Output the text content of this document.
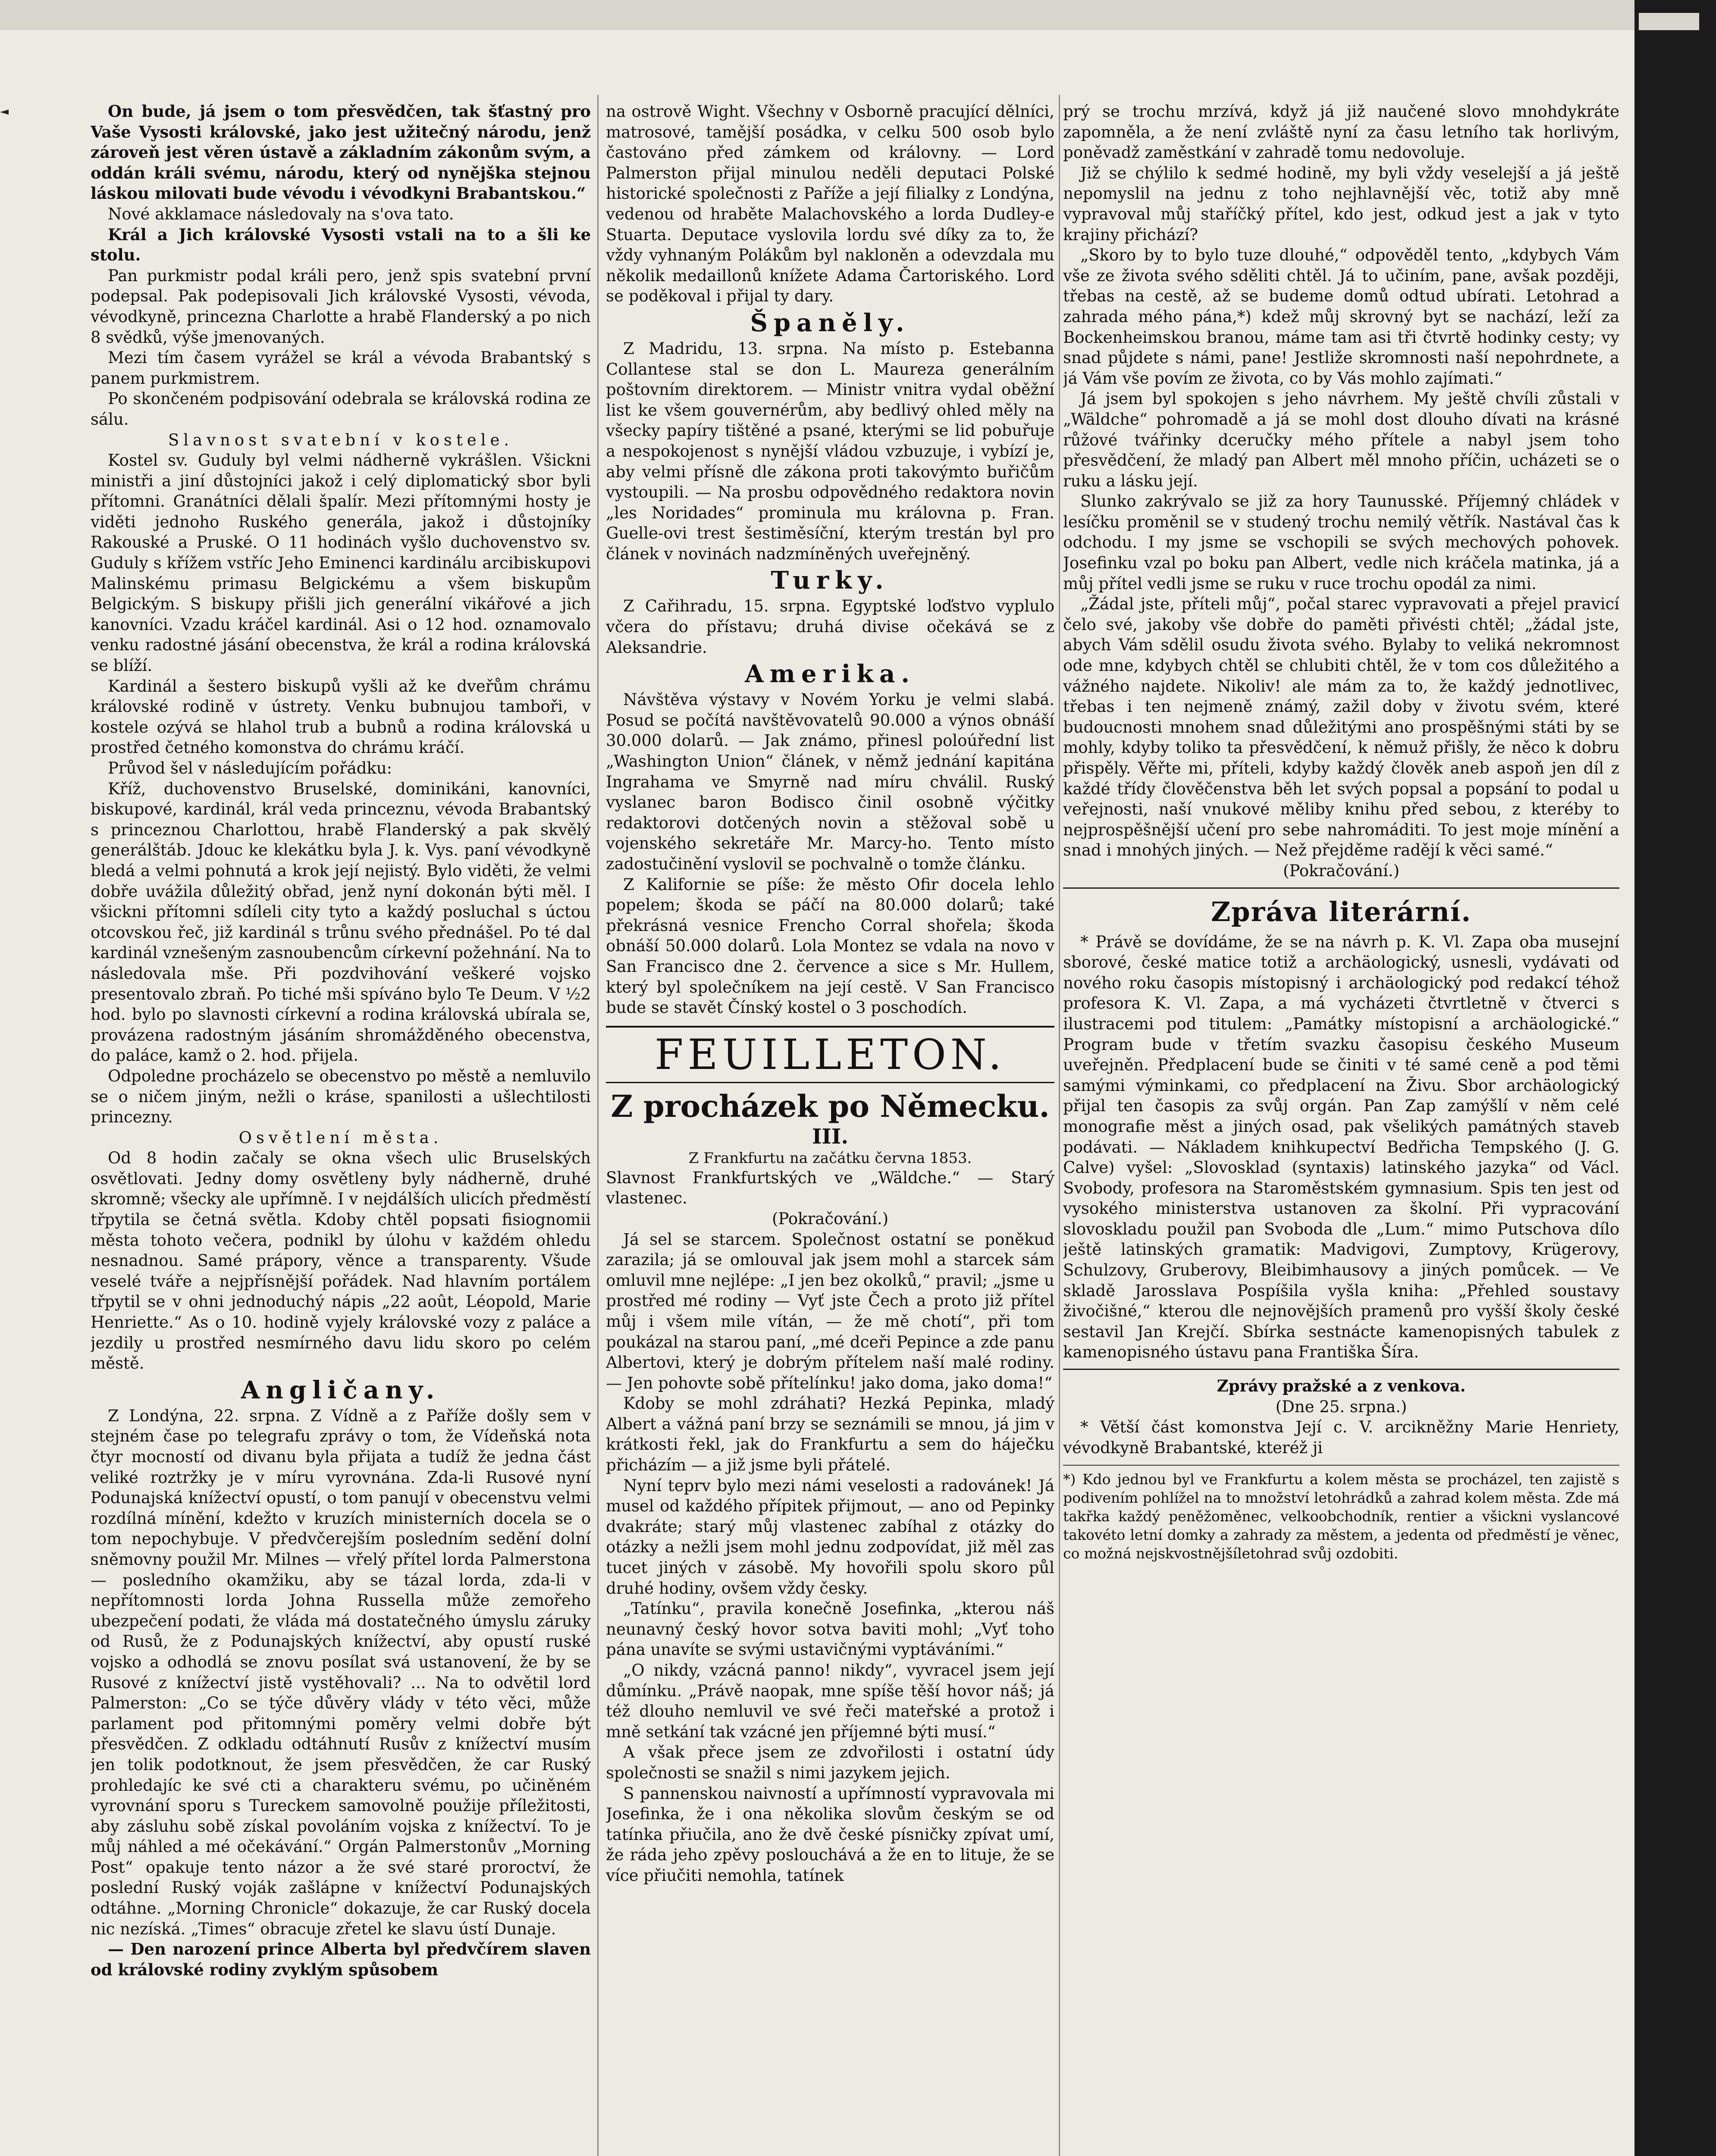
On bude, já jsem o tom přesvědčen, tak šťastný pro Vaše Vysosti královské, jako jest užitečný národu, jenž zároveň jest věren ústavě a základním zákonům svým, a oddán králi svému, národu, který od nynějška stejnou láskou milovati bude vévodu i vévodkyni Brabantskou.“

Nové akklamace následovaly na s'ova tato.

Král a Jich královské Vysosti vstali na to a šli ke stolu.

Pan purkmistr podal králi pero, jenž spis svatební první podepsal. Pak podepisovali Jich královské Vysosti, vévoda, vévodkyně, princezna Charlotte a hrabě Flanderský a po nich 8 svědků, výše jmenovaných.

Mezi tím časem vyrážel se král a vévoda Brabantský s panem purkmistrem.

Po skončeném podpisování odebrala se královská rodina ze sálu.

Slavnost svatební v kostele.

Kostel sv. Guduly byl velmi nádherně vykrášlen. Všickni ministři a jiní důstojníci jakož i celý diplomatický sbor byli přítomni. Granátníci dělali špalír. Mezi přítomnými hosty je viděti jednoho Ruského generála, jakož i důstojníky Rakouské a Pruské. O 11 hodinách vyšlo duchovenstvo sv. Guduly s křížem vstříc Jeho Eminenci kardinálu arcibiskupovi Malinskému primasu Belgickému a všem biskupům Belgickým. S biskupy přišli jich generální vikářové a jich kanovníci. Vzadu kráčel kardinál. Asi o 12 hod. oznamovalo venku radostné jásání obecenstva, že král a rodina královská se blíží.

Kardinál a šestero biskupů vyšli až ke dveřům chrámu královské rodině v ústrety. Venku bubnujou tamboři, v kostele ozývá se hlahol trub a bubnů a rodina královská u prostřed četného komonstva do chrámu kráčí.

Průvod šel v následujícím pořádku:

Kříž, duchovenstvo Bruselské, dominikáni, kanovníci, biskupové, kardinál, král veda princeznu, vévoda Brabantský s princeznou Charlottou, hrabě Flanderský a pak skvělý generálštáb. Jdouc ke klekátku byla J. k. Vys. paní vévodkyně bledá a velmi pohnutá a krok její nejistý. Bylo viděti, že velmi dobře uvážila důležitý obřad, jenž nyní dokonán býti měl. I všickni přítomni sdíleli city tyto a každý posluchal s úctou otcovskou řeč, již kardinál s trůnu svého přednášel. Po té dal kardinál vznešeným zasnoubencům církevní požehnání. Na to následovala mše. Při pozdvihování veškeré vojsko presentovalo zbraň. Po tiché mši spíváno bylo Te Deum. V ½2 hod. bylo po slavnosti církevní a rodina královská ubírala se, provázena radostným jásáním shromážděného obecenstva, do paláce, kamž o 2. hod. přijela.

Odpoledne procházelo se obecenstvo po městě a nemluvilo se o ničem jiným, nežli o kráse, spanilosti a ušlechtilosti princezny.

Osvětlení města.

Od 8 hodin začaly se okna všech ulic Bruselských osvětlovati. Jedny domy osvětleny byly nádherně, druhé skromně; všecky ale upřímně. I v nejdálších ulicích předměstí třpytila se četná světla. Kdoby chtěl popsati fisiognomii města tohoto večera, podnikl by úlohu v každém ohledu nesnadnou. Samé prápory, věnce a transparenty. Všude veselé tváře a nejpřísnější pořádek. Nad hlavním portálem třpytil se v ohni jednoduchý nápis „22 août, Léopold, Marie Henriette.“ As o 10. hodině vyjely královské vozy z paláce a jezdily u prostřed nesmírného davu lidu skoro po celém městě.

Angličany.

Z Londýna, 22. srpna. Z Vídně a z Paříže došly sem v stejném čase po telegrafu zprávy o tom, že Vídeňská nota čtyr mocností od divanu byla přijata a tudíž že jedna část veliké roztržky je v míru vyrovnána. Zda-li Rusové nyní Podunajská knížectví opustí, o tom panují v obecenstvu velmi rozdílná mínění, kdežto v kruzích ministerních docela se o tom nepochybuje. V předvčerejším posledním sedění dolní sněmovny použil Mr. Milnes — vřelý přítel lorda Palmerstona — posledního okamžiku, aby se tázal lorda, zda-li v nepřítomnosti lorda Johna Russella může zemořeho ubezpečení podati, že vláda má dostatečného úmyslu záruky od Rusů, že z Podunajských knížectví, aby opustí ruské vojsko a odhodlá se znovu posílat svá ustanovení, že by se Rusové z knížectví jistě vystěhovali? ... Na to odvětil lord Palmerston: „Co se týče důvěry vlády v této věci, může parlament pod přitomnými poměry velmi dobře být přesvědčen. Z odkladu odtáhnutí Rusův z knížectví musím jen tolik podotknout, že jsem přesvědčen, že car Ruský prohledajíc ke své cti a charakteru svému, po učiněném vyrovnání sporu s Tureckem samovolně použije příležitosti, aby zásluhu sobě získal povoláním vojska z knížectví. To je můj náhled a mé očekávání.“ Orgán Palmerstonův „Morning Post“ opakuje tento názor a že své staré proroctví, že poslední Ruský voják zašlápne v knížectví Podunajských odtáhne. „Morning Chronicle“ dokazuje, že car Ruský docela nic nezíská. „Times“ obracuje zřetel ke slavu ústí Dunaje.

— Den narození prince Alberta byl předvčírem slaven od královské rodiny zvyklým spůsobem

na ostrově Wight. Všechny v Osborně pracující dělníci, matrosové, tamější posádka, v celku 500 osob bylo častováno před zámkem od královny. — Lord Palmerston přijal minulou neděli deputaci Polské historické společnosti z Paříže a její filialky z Londýna, vedenou od hraběte Malachovského a lorda Dudley-e Stuarta. Deputace vyslovila lordu své díky za to, že vždy vyhnaným Polákům byl nakloněn a odevzdala mu několik medaillonů knížete Adama Čartoriského. Lord se poděkoval i přijal ty dary.

Španěly.

Z Madridu, 13. srpna. Na místo p. Estebanna Collantese stal se don L. Maureza generálním poštovním direktorem. — Ministr vnitra vydal oběžní list ke všem gouvernérům, aby bedlivý ohled měly na všecky papíry tištěné a psané, kterými se lid pobuřuje a nespokojenost s nynější vládou vzbuzuje, i vybízí je, aby velmi přísně dle zákona proti takovýmto buřičům vystoupili. — Na prosbu odpovědného redaktora novin „les Noridades“ prominula mu královna p. Fran. Guelle-ovi trest šestiměsíční, kterým trestán byl pro článek v novinách nadzmíněných uveřejněný.

Turky.

Z Cařihradu, 15. srpna. Egyptské loďstvo vyplulo včera do přístavu; druhá divise očekává se z Aleksandrie.

Amerika.

Návštěva výstavy v Novém Yorku je velmi slabá. Posud se počítá navštěvovatelů 90.000 a výnos obnáší 30.000 dolarů. — Jak známo, přinesl poloúřední list „Washington Union“ článek, v němž jednání kapitána Ingrahama ve Smyrně nad míru chválil. Ruský vyslanec baron Bodisco činil osobně výčitky redaktorovi dotčených novin a stěžoval sobě u vojenského sekretáře Mr. Marcy-ho. Tento místo zadostučinění vyslovil se pochvalně o tomže článku.

Z Kalifornie se píše: že město Ofir docela lehlo popelem; škoda se páčí na 80.000 dolarů; také překrásná vesnice Frencho Corral shořela; škoda obnáší 50.000 dolarů. Lola Montez se vdala na novo v San Francisco dne 2. července a sice s Mr. Hullem, který byl společníkem na její cestě. V San Francisco bude se stavět Čínský kostel o 3 poschodích.

FEUILLETON.
Z procházek po Německu.
III.

Z Frankfurtu na začátku června 1853.

Slavnost Frankfurtských ve „Wäldche.“ — Starý vlastenec.

(Pokračování.)

Já sel se starcem. Společnost ostatní se poněkud zarazila; já se omlouval jak jsem mohl a starcek sám omluvil mne nejlépe: „I jen bez okolků,“ pravil; „jsme u prostřed mé rodiny — Vyť jste Čech a proto již přítel můj i všem mile vítán, — že mě chotí“, při tom poukázal na starou paní, „mé dceři Pepince a zde panu Albertovi, který je dobrým přítelem naší malé rodiny. — Jen pohovte sobě přítelínku! jako doma, jako doma!“

Kdoby se mohl zdráhati? Hezká Pepinka, mladý Albert a vážná paní brzy se seznámili se mnou, já jim v krátkosti řekl, jak do Frankfurtu a sem do háječku přicházím — a již jsme byli přátelé.

Nyní teprv bylo mezi námi veselosti a radovánek! Já musel od každého přípitek přijmout, — ano od Pepinky dvakráte; starý můj vlastenec zabíhal z otázky do otázky a nežli jsem mohl jednu zodpovídat, již měl zas tucet jiných v zásobě. My hovořili spolu skoro půl druhé hodiny, ovšem vždy česky.

„Tatínku“, pravila konečně Josefinka, „kterou náš neunavný český hovor sotva baviti mohl; „Vyť toho pána unavíte se svými ustavičnými vyptáváními.“

„O nikdy, vzácná panno! nikdy“, vyvracel jsem její důmínku. „Právě naopak, mne spíše těší hovor náš; já též dlouho nemluvil ve své řeči mateřské a protož i mně setkání tak vzácné jen příjemné býti musí.“

A však přece jsem ze zdvořilosti i ostatní údy společnosti se snažil s nimi jazykem jejich.

S pannenskou naivností a upřímností vypravovala mi Josefinka, že i ona několika slovům českým se od tatínka přiučila, ano že dvě české písničky zpívat umí, že ráda jeho zpěvy poslouchává a že en to lituje, že se více přiučiti nemohla, tatínek

prý se trochu mrzívá, když já již naučené slovo mnohdykráte zapomněla, a že není zvláště nyní za času letního tak horlivým, poněvadž zaměstkání v zahradě tomu nedovoluje.

Již se chýlilo k sedmé hodině, my byli vždy veselejší a já ještě nepomyslil na jednu z toho nejhlavnější věc, totiž aby mně vypravoval můj staříčký přítel, kdo jest, odkud jest a jak v tyto krajiny přichází?

„Skoro by to bylo tuze dlouhé,“ odpověděl tento, „kdybych Vám vše ze života svého sděliti chtěl. Já to učiním, pane, avšak později, třebas na cestě, až se budeme domů odtud ubírati. Letohrad a zahrada mého pána,*) kdež můj skrovný byt se nachází, leží za Bockenheimskou branou, máme tam asi tři čtvrtě hodinky cesty; vy snad půjdete s námi, pane! Jestliže skromnosti naší nepohrdnete, a já Vám vše povím ze života, co by Vás mohlo zajímati.“

Já jsem byl spokojen s jeho návrhem. My ještě chvíli zůstali v „Wäldche“ pohromadě a já se mohl dost dlouho dívati na krásné růžové tvářinky dceručky mého přítele a nabyl jsem toho přesvědčení, že mladý pan Albert měl mnoho příčin, ucházeti se o ruku a lásku její.

Slunko zakrývalo se již za hory Taunusské. Příjemný chládek v lesíčku proměnil se v studený trochu nemilý větřík. Nastával čas k odchodu. I my jsme se vschopili se svých mechových pohovek. Josefinku vzal po boku pan Albert, vedle nich kráčela matinka, já a můj přítel vedli jsme se ruku v ruce trochu opodál za nimi.

„Žádal jste, příteli můj“, počal starec vypravovati a přejel pravicí čelo své, jakoby vše dobře do paměti přivésti chtěl; „žádal jste, abych Vám sdělil osudu života svého. Bylaby to veliká nekromnost ode mne, kdybych chtěl se chlubiti chtěl, že v tom cos důležitého a vážného najdete. Nikoliv! ale mám za to, že každý jednotlivec, třebas i ten nejmeně známý, zažil doby v životu svém, které budoucnosti mnohem snad důležitými ano prospěšnými státi by se mohly, kdyby toliko ta přesvědčení, k němuž přišly, že něco k dobru přispěly. Věřte mi, příteli, kdyby každý člověk aneb aspoň jen díl z každé třídy člověčenstva běh let svých popsal a popsání to podal u veřejnosti, naší vnukové měliby knihu před sebou, z kteréby to nejprospěšnější učení pro sebe nahromáditi. To jest moje mínění a snad i mnohých jiných. — Než přejděme radějí k věci samé.“

(Pokračování.)

Zpráva literární.

* Právě se dovídáme, že se na návrh p. K. Vl. Zapa oba musejní sborové, české matice totiž a archäologický, usnesli, vydávati od nového roku časopis místopisný i archäologický pod redakcí téhož profesora K. Vl. Zapa, a má vycházeti čtvrtletně v čtverci s ilustracemi pod titulem: „Památky místopisní a archäologické.“ Program bude v třetím svazku časopisu českého Museum uveřejněn. Předplacení bude se činiti v té samé ceně a pod těmi samými výminkami, co předplacení na Živu. Sbor archäologický přijal ten časopis za svůj orgán. Pan Zap zamýšlí v něm celé monografie měst a jiných osad, pak všelikých památných staveb podávati. — Nákladem knihkupectví Bedřicha Tempského (J. G. Calve) vyšel: „Slovosklad (syntaxis) latinského jazyka“ od Václ. Svobody, profesora na Staroměstském gymnasium. Spis ten jest od vysokého ministerstva ustanoven za školní. Při vypracování slovoskladu použil pan Svoboda dle „Lum.“ mimo Putschova dílo ještě latinských gramatik: Madvigovi, Zumptovy, Krügerovy, Schulzovy, Gruberovy, Bleibimhausovy a jiných pomůcek. — Ve skladě Jarosslava Pospíšila vyšla kniha: „Přehled soustavy živočišné,“ kterou dle nejnovějších pramenů pro vyšší školy české sestavil Jan Krejčí. Sbírka sestnácte kamenopisných tabulek z kamenopisného ústavu pana Františka Šíra.

Zprávy pražské a z venkova.

(Dne 25. srpna.)

* Větší část komonstva Její c. V. arcikněžny Marie Henriety, vévodkyně Brabantské, kteréž ji

*) Kdo jednou byl ve Frankfurtu a kolem města se procházel, ten zajistě s podivením pohlížel na to množství letohrádků a zahrad kolem města. Zde má takřka každý peněžoměnec, velkoobchodník, rentier a všickni vyslancové takovéto letní domky a zahrady za městem, a jedenta od předměstí je věnec, co možná nejskvostnějšíletohrad svůj ozdobiti.
